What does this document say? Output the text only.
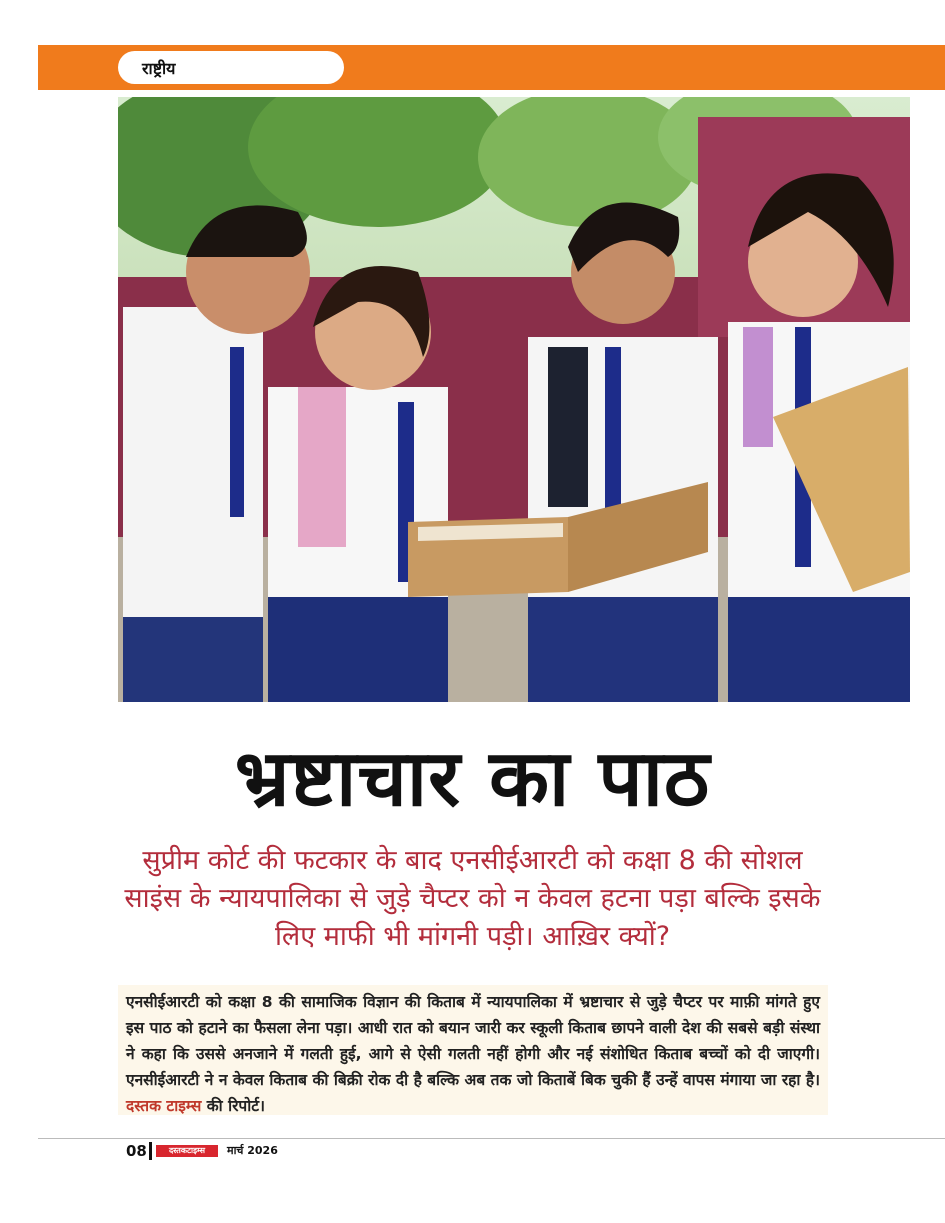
राष्ट्रीय
भ्रष्टाचार का पाठ
सुप्रीम कोर्ट की फटकार के बाद एनसीईआरटी को कक्षा 8 की सोशल साइंस के न्यायपालिका से जुड़े चैप्टर को न केवल हटना पड़ा बल्कि इसके लिए माफी भी मांगनी पड़ी। आख़िर क्यों?
एनसीईआरटी को कक्षा 8 की सामाजिक विज्ञान की किताब में न्यायपालिका में भ्रष्टाचार से जुड़े चैप्टर पर माफ़ी मांगते हुए इस पाठ को हटाने का फैसला लेना पड़ा। आधी रात को बयान जारी कर स्कूली किताब छापने वाली देश की सबसे बड़ी संस्था ने कहा कि उससे अनजाने में गलती हुई, आगे से ऐसी गलती नहीं होगी और नई संशोधित किताब बच्चों को दी जाएगी। एनसीईआरटी ने न केवल किताब की बिक्री रोक दी है बल्कि अब तक जो किताबें बिक चुकी हैं उन्हें वापस मंगाया जा रहा है। दस्तक टाइम्स की रिपोर्ट।
08	दस्तकटाइम्स	मार्च 2026
